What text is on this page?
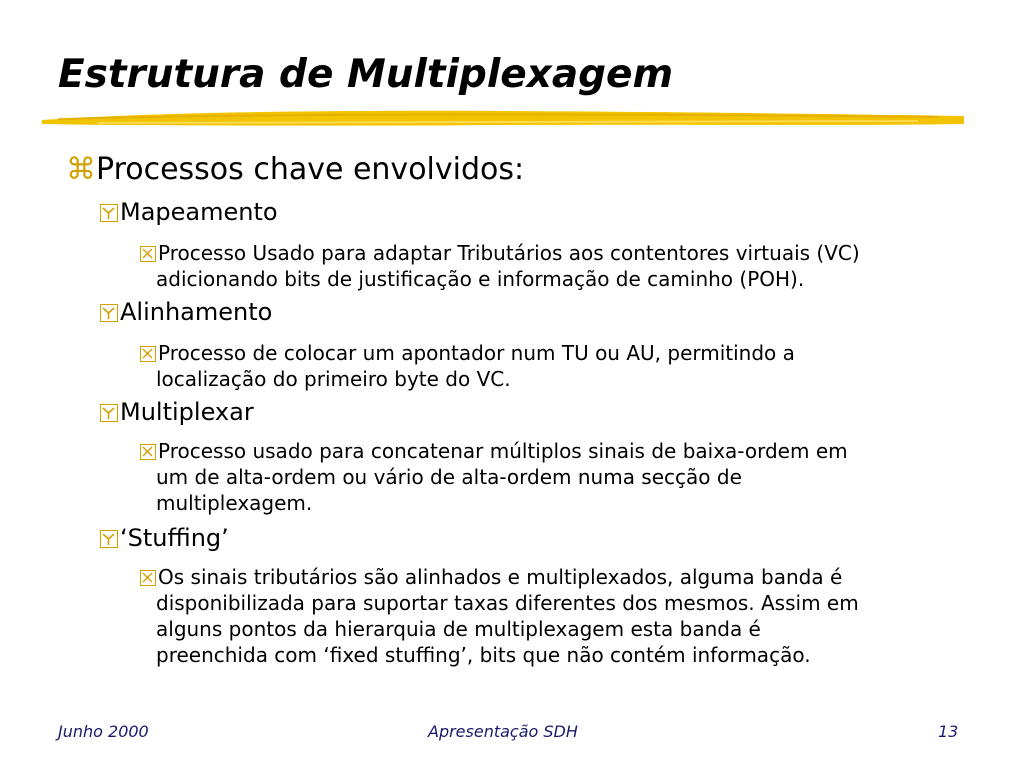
Estrutura de Multiplexagem
⌘Processos chave envolvidos:
Mapeamento
Processo Usado para adaptar Tributários aos contentores virtuais (VC)
adicionando bits de justificação e informação de caminho (POH).
Alinhamento
Processo de colocar um apontador num TU ou AU, permitindo a
localização do primeiro byte do VC.
Multiplexar
Processo usado para concatenar múltiplos sinais de baixa-ordem em
um de alta-ordem ou vário de alta-ordem numa secção de
multiplexagem.
‘Stuffing’
Os sinais tributários são alinhados e multiplexados, alguma banda é
disponibilizada para suportar taxas diferentes dos mesmos. Assim em
alguns pontos da hierarquia de multiplexagem esta banda é
preenchida com ‘fixed stuffing’, bits que não contém informação.
Junho 2000	Apresentação SDH	13
